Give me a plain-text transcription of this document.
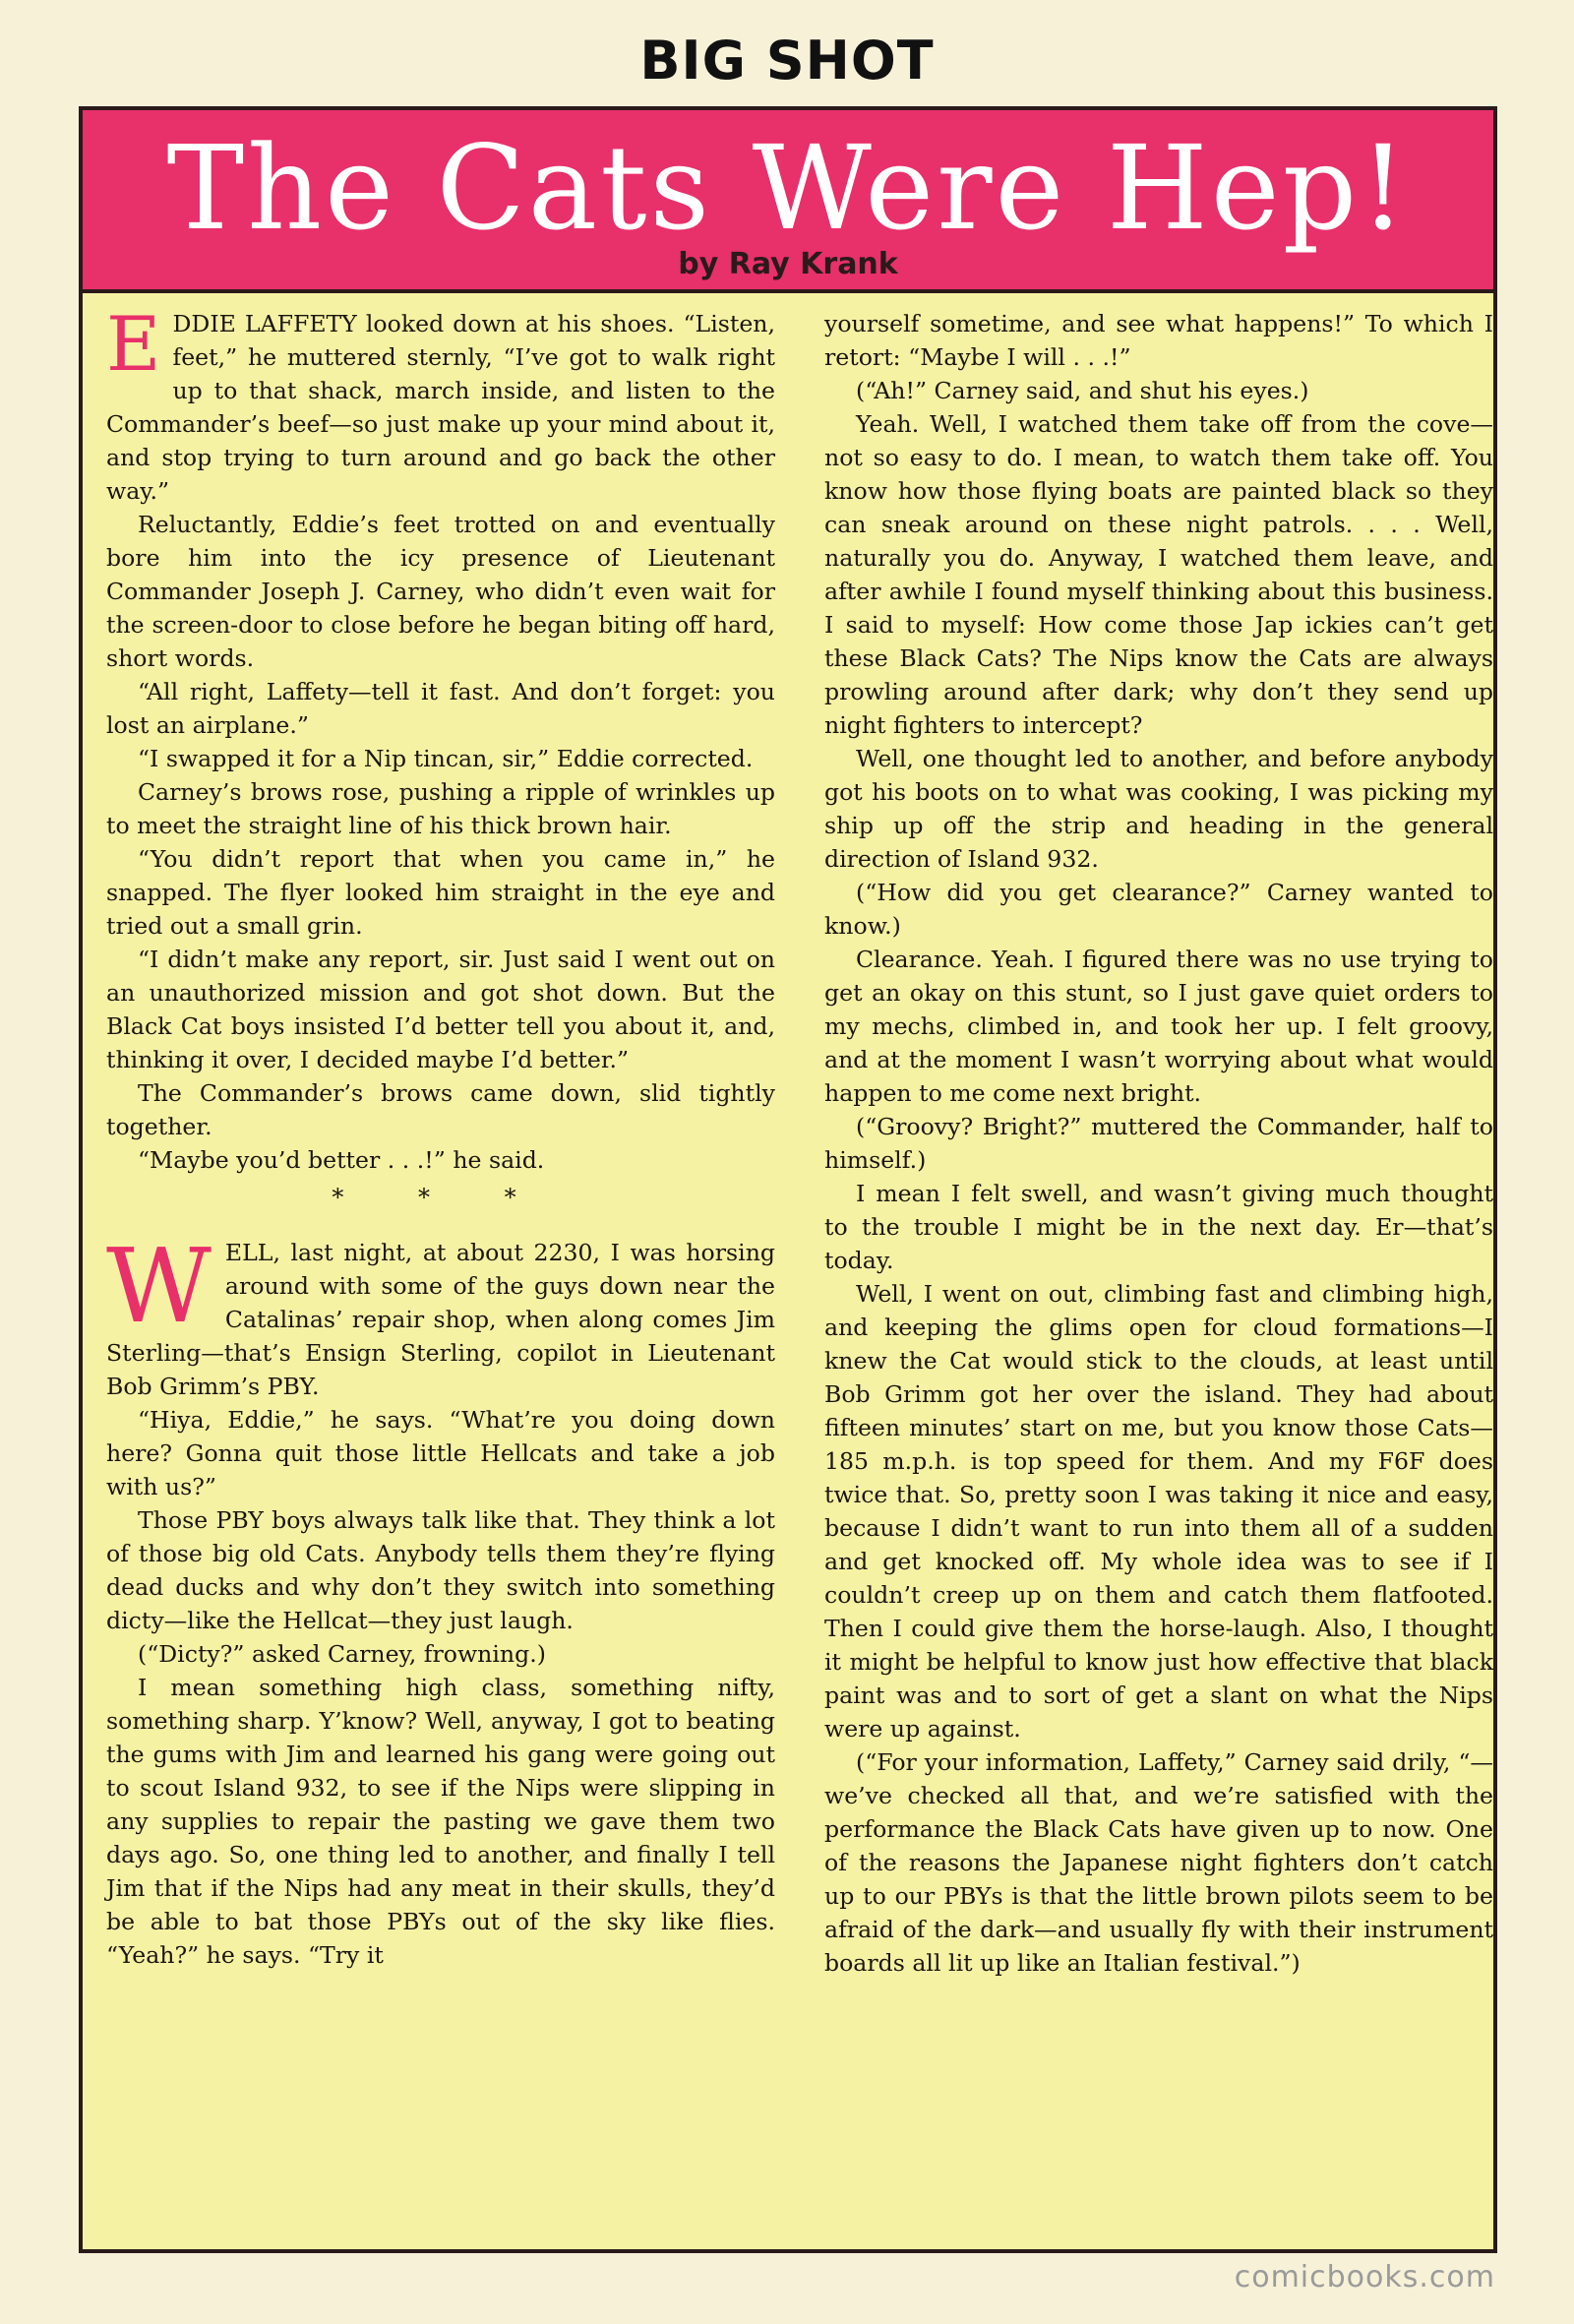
BIG SHOT
The Cats Were Hep!
by Ray Krank

EDDIE LAFFETY looked down at his shoes. “Listen, feet,” he muttered sternly, “I’ve got to walk right up to that shack, march inside, and listen to the Commander’s beef—so just make up your mind about it, and stop trying to turn around and go back the other way.”

Reluctantly, Eddie’s feet trotted on and eventually bore him into the icy presence of Lieutenant Commander Joseph J. Carney, who didn’t even wait for the screen-door to close before he began biting off hard, short words.

“All right, Laffety—tell it fast. And don’t forget: you lost an airplane.”

“I swapped it for a Nip tincan, sir,” Eddie corrected.

Carney’s brows rose, pushing a ripple of wrinkles up to meet the straight line of his thick brown hair.

“You didn’t report that when you came in,” he snapped. The flyer looked him straight in the eye and tried out a small grin.

“I didn’t make any report, sir. Just said I went out on an unauthorized mission and got shot down. But the Black Cat boys insisted I’d better tell you about it, and, thinking it over, I decided maybe I’d better.”

The Commander’s brows came down, slid tightly together.

“Maybe you’d better . . .!” he said.

* * *

WELL, last night, at about 2230, I was horsing around with some of the guys down near the Catalinas’ repair shop, when along comes Jim Sterling—that’s Ensign Sterling, copilot in Lieutenant Bob Grimm’s PBY.

“Hiya, Eddie,” he says. “What’re you doing down here? Gonna quit those little Hellcats and take a job with us?”

Those PBY boys always talk like that. They think a lot of those big old Cats. Anybody tells them they’re flying dead ducks and why don’t they switch into something dicty—like the Hellcat—they just laugh.

(“Dicty?” asked Carney, frowning.)

I mean something high class, something nifty, something sharp. Y’know? Well, anyway, I got to beating the gums with Jim and learned his gang were going out to scout Island 932, to see if the Nips were slipping in any supplies to repair the pasting we gave them two days ago. So, one thing led to another, and finally I tell Jim that if the Nips had any meat in their skulls, they’d be able to bat those PBYs out of the sky like flies. “Yeah?” he says. “Try it

yourself sometime, and see what happens!” To which I retort: “Maybe I will . . .!”

(“Ah!” Carney said, and shut his eyes.)

Yeah. Well, I watched them take off from the cove—not so easy to do. I mean, to watch them take off. You know how those flying boats are painted black so they can sneak around on these night patrols. . . . Well, naturally you do. Anyway, I watched them leave, and after awhile I found myself thinking about this business. I said to myself: How come those Jap ickies can’t get these Black Cats? The Nips know the Cats are always prowling around after dark; why don’t they send up night fighters to intercept?

Well, one thought led to another, and before anybody got his boots on to what was cooking, I was picking my ship up off the strip and heading in the general direction of Island 932.

(“How did you get clearance?” Carney wanted to know.)

Clearance. Yeah. I figured there was no use trying to get an okay on this stunt, so I just gave quiet orders to my mechs, climbed in, and took her up. I felt groovy, and at the moment I wasn’t worrying about what would happen to me come next bright.

(“Groovy? Bright?” muttered the Commander, half to himself.)

I mean I felt swell, and wasn’t giving much thought to the trouble I might be in the next day. Er—that’s today.

Well, I went on out, climbing fast and climbing high, and keeping the glims open for cloud formations—I knew the Cat would stick to the clouds, at least until Bob Grimm got her over the island. They had about fifteen minutes’ start on me, but you know those Cats—185 m.p.h. is top speed for them. And my F6F does twice that. So, pretty soon I was taking it nice and easy, because I didn’t want to run into them all of a sudden and get knocked off. My whole idea was to see if I couldn’t creep up on them and catch them flatfooted. Then I could give them the horse-laugh. Also, I thought it might be helpful to know just how effective that black paint was and to sort of get a slant on what the Nips were up against.

(“For your information, Laffety,” Carney said drily, “— we’ve checked all that, and we’re satisfied with the performance the Black Cats have given up to now. One of the reasons the Japanese night fighters don’t catch up to our PBYs is that the little brown pilots seem to be afraid of the dark—and usually fly with their instrument boards all lit up like an Italian festival.”)

comicbooks.com
